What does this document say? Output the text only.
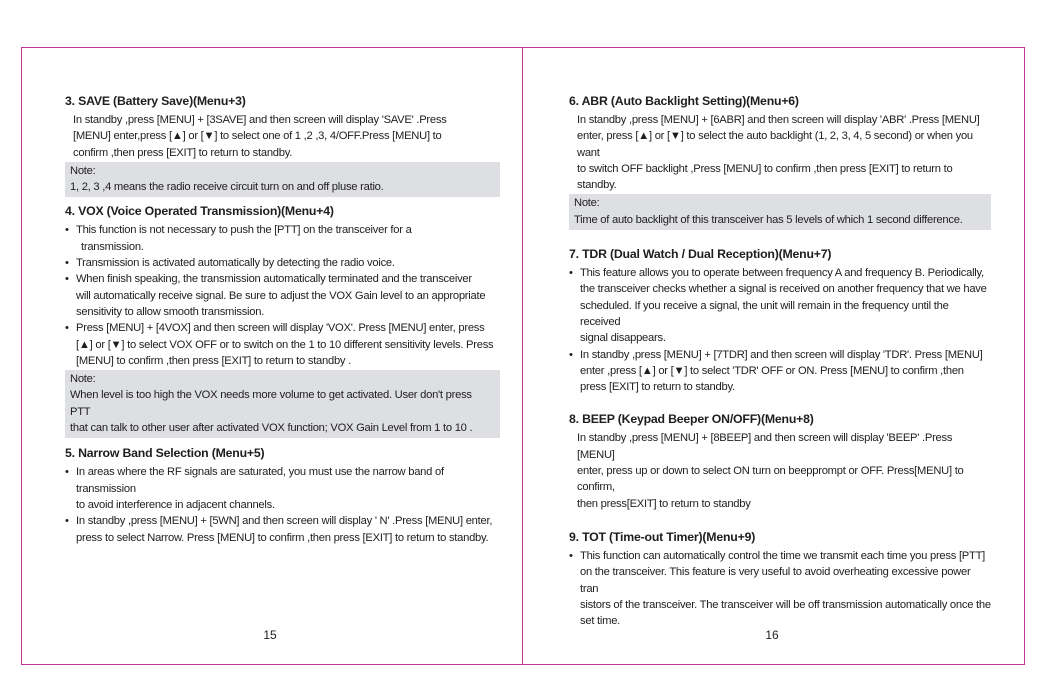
3. SAVE (Battery Save)(Menu+3)

In standby ,press [MENU] + [3SAVE] and then screen will display 'SAVE' .Press

[MENU] enter,press [▲] or [▼] to select one of 1 ,2 ,3, 4/OFF.Press [MENU] to

confirm ,then press [EXIT] to return to standby.

Note:

1, 2, 3 ,4 means the radio receive circuit turn on and off pluse ratio.

4. VOX (Voice Operated Transmission)(Menu+4)

• This function is not necessary to push the [PTT] on the transceiver for a
transmission.
• Transmission is activated automatically by detecting the radio voice.
• When finish speaking, the transmission automatically terminated and the transceiver
will automatically receive signal. Be sure to adjust the VOX Gain level to an appropriate
sensitivity to allow smooth transmission.
• Press [MENU] + [4VOX] and then screen will display 'VOX'. Press [MENU] enter, press
[▲] or [▼] to select VOX OFF or to switch on the 1 to 10 different sensitivity levels. Press
[MENU] to confirm ,then press [EXIT] to return to standby .

Note:

When level is too high the VOX needs more volume to get activated. User don't press PTT

that can talk to other user after activated VOX function; VOX Gain Level from 1 to 10 .

5. Narrow Band Selection (Menu+5)

• In areas where the RF signals are saturated, you must use the narrow band of transmission
to avoid interference in adjacent channels.
• In standby ,press [MENU] + [5WN] and then screen will display ' N' .Press [MENU] enter,
press to select Narrow. Press [MENU] to confirm ,then press [EXIT] to return to standby.
15

6. ABR (Auto Backlight Setting)(Menu+6)

In standby ,press [MENU] + [6ABR] and then screen will display 'ABR' .Press [MENU]

enter, press [▲] or [▼] to select the auto backlight (1, 2, 3, 4, 5 second) or when you want

to switch OFF backlight ,Press [MENU] to confirm ,then press [EXIT] to return to standby.

Note:

Time of auto backlight of this transceiver has 5 levels of which 1 second difference.

7. TDR (Dual Watch / Dual Reception)(Menu+7)

• This feature allows you to operate between frequency A and frequency B. Periodically,
the transceiver checks whether a signal is received on another frequency that we have
scheduled. If you receive a signal, the unit will remain in the frequency until the received
signal disappears.
• In standby ,press [MENU] + [7TDR] and then screen will display 'TDR'. Press [MENU]
enter ,press [▲] or [▼] to select 'TDR' OFF or ON. Press [MENU] to confirm ,then
press [EXIT] to return to standby.

8. BEEP (Keypad Beeper ON/OFF)(Menu+8)

In standby ,press [MENU] + [8BEEP] and then screen will display 'BEEP' .Press [MENU]

enter, press up or down to select ON turn on beepprompt or OFF. Press[MENU] to confirm,

then press[EXIT] to return to standby

9. TOT (Time-out Timer)(Menu+9)

• This function can automatically control the time we transmit each time you press [PTT]

on the transceiver. This feature is very useful to avoid overheating excessive power tran

sistors of the transceiver. The transceiver will be off transmission automatically once the

set time.

16
